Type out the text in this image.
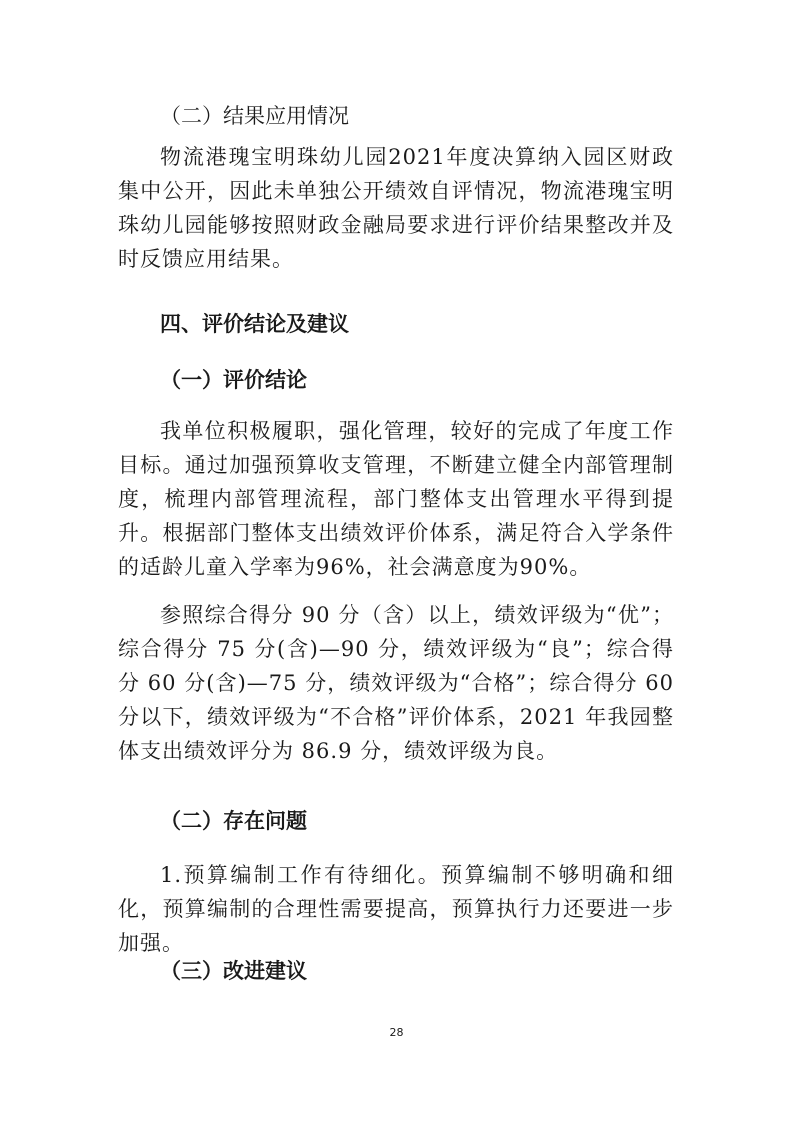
（二）结果应用情况
物流港瑰宝明珠幼儿园2021年度决算纳入园区财政集中公开，因此未单独公开绩效自评情况，物流港瑰宝明珠幼儿园能够按照财政金融局要求进行评价结果整改并及时反馈应用结果。
四、评价结论及建议
（一）评价结论
我单位积极履职，强化管理，较好的完成了年度工作目标。通过加强预算收支管理，不断建立健全内部管理制度，梳理内部管理流程，部门整体支出管理水平得到提升。根据部门整体支出绩效评价体系，满足符合入学条件的适龄儿童入学率为96%，社会满意度为90%。
参照综合得分 90 分（含）以上，绩效评级为“优”；综合得分 75 分(含)—90 分，绩效评级为“良”；综合得分 60 分(含)—75 分，绩效评级为“合格”；综合得分 60 分以下，绩效评级为“不合格”评价体系，2021 年我园整体支出绩效评分为 86.9 分，绩效评级为良。
（二）存在问题
1.预算编制工作有待细化。预算编制不够明确和细化，预算编制的合理性需要提高，预算执行力还要进一步加强。
（三）改进建议
28
